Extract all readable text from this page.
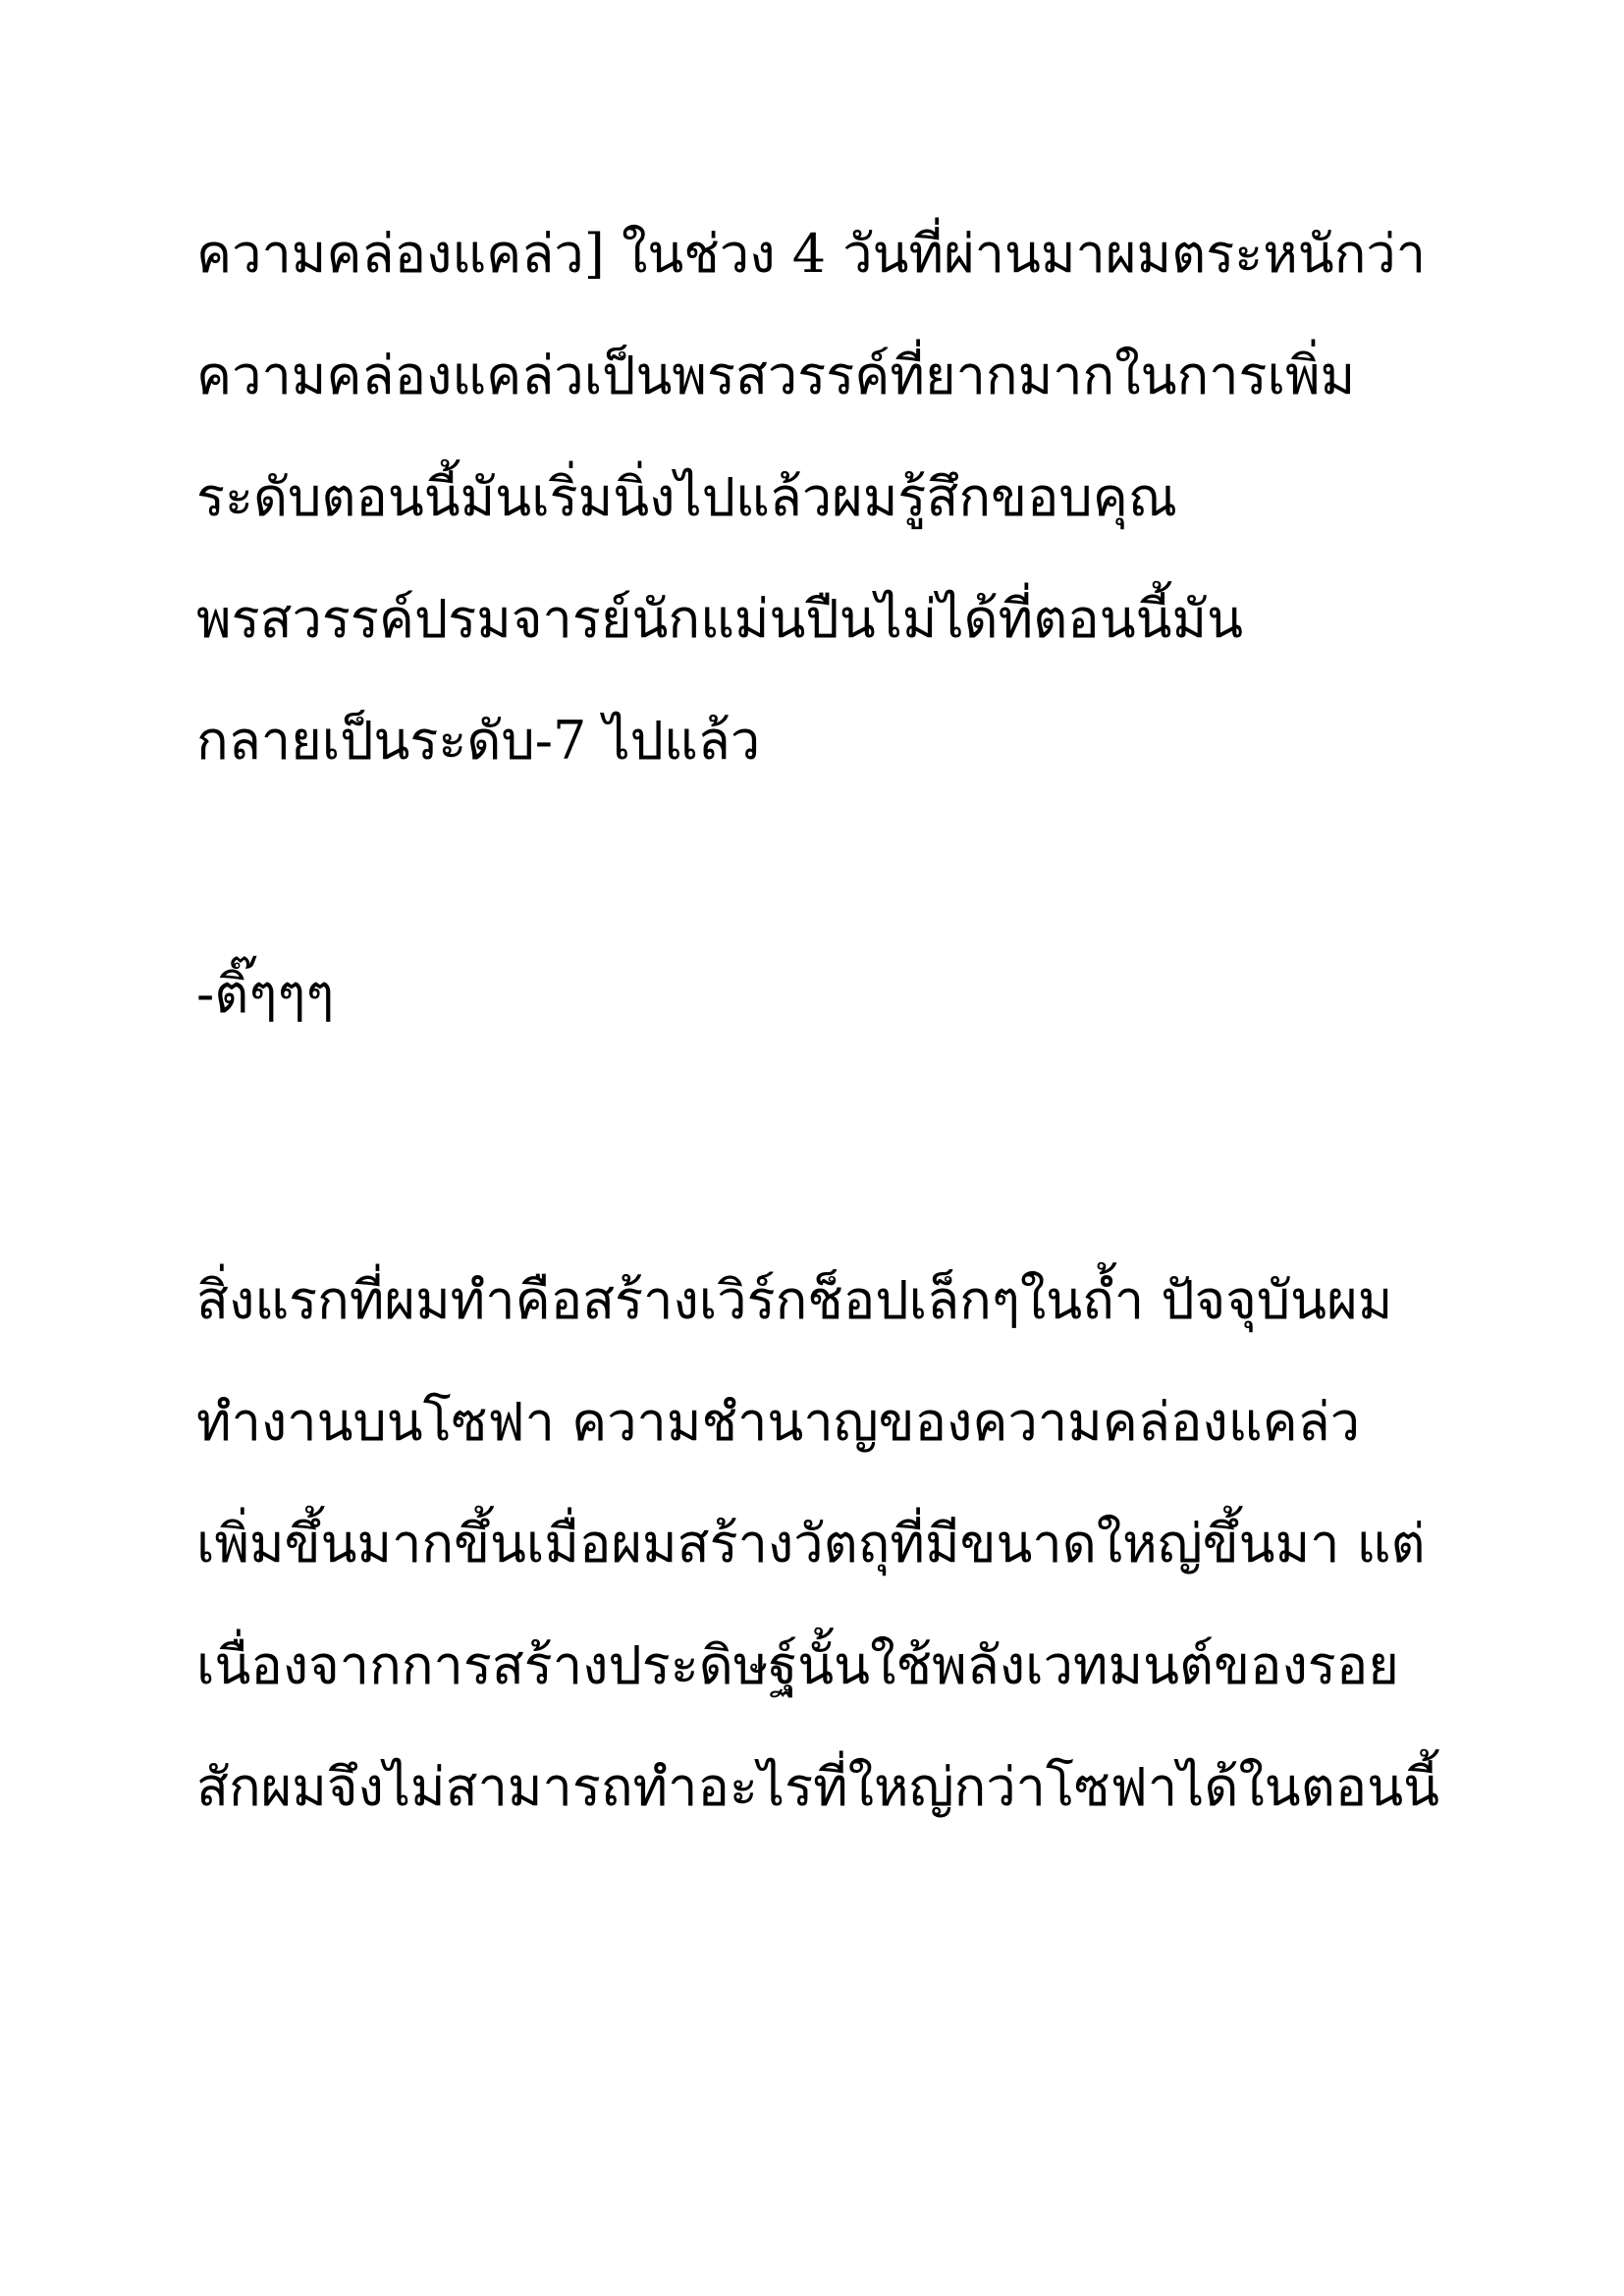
ความคล่องแคล่ว] ในช่วง 4 วันที่ผ่านมาผมตระหนักว่า
ความคล่องแคล่วเป็นพรสวรรค์ที่ยากมากในการเพิ่ม
ระดับตอนนี้มันเริ่มนิ่งไปแล้วผมรู้สึกขอบคุณ
พรสวรรค์ปรมจารย์นักแม่นปืนไม่ได้ที่ตอนนี้มัน
กลายเป็นระดับ-7 ไปแล้ว
-ติ๊ๆๆๆ
สิ่งแรกที่ผมทำคือสร้างเวิร์กช็อปเล็กๆในถ้ำ ปัจจุบันผม
ทำงานบนโซฟา ความชำนาญของความคล่องแคล่ว
เพิ่มขึ้นมากขึ้นเมื่อผมสร้างวัตถุที่มีขนาดใหญ่ขึ้นมา แต่
เนื่องจากการสร้างประดิษฐ์นั้นใช้พลังเวทมนต์ของรอย
สักผมจึงไม่สามารถทำอะไรที่ใหญ่กว่าโซฟาได้ในตอนนี้
